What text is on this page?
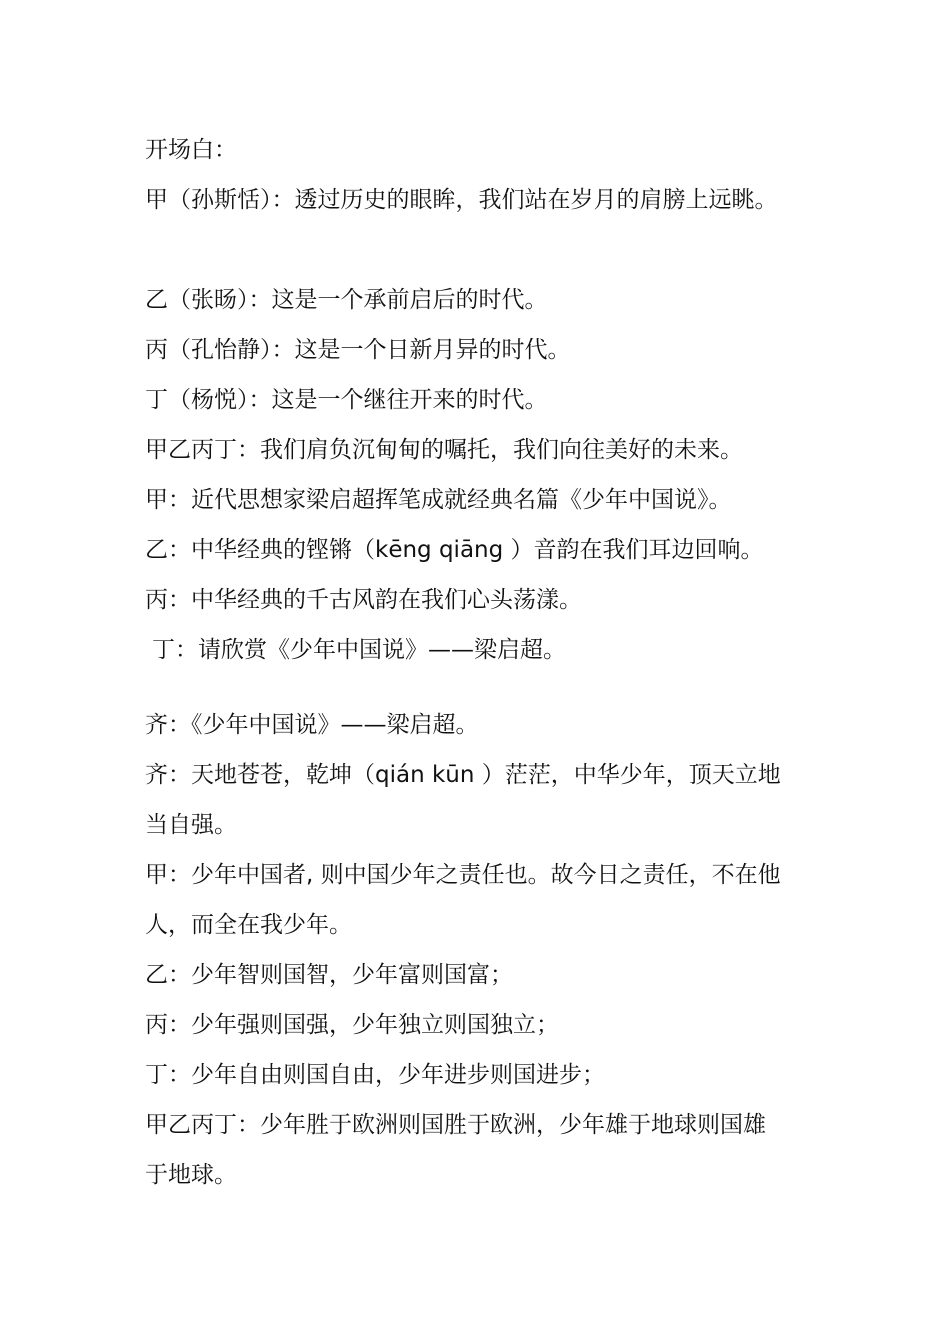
开场白：
甲（孙斯恬）：透过历史的眼眸，我们站在岁月的肩膀上远眺。
乙（张旸）：这是一个承前启后的时代。
丙（孔怡静）：这是一个日新月异的时代。
丁（杨悦）：这是一个继往开来的时代。
甲乙丙丁：我们肩负沉甸甸的嘱托，我们向往美好的未来。
甲：近代思想家梁启超挥笔成就经典名篇《少年中国说》。
乙：中华经典的铿锵（kēng qiāng ）音韵在我们耳边回响。
丙：中华经典的千古风韵在我们心头荡漾。
丁：请欣赏《少年中国说》——梁启超。
齐：《少年中国说》——梁启超。
齐：天地苍苍，乾坤（qián kūn ）茫茫，中华少年，顶天立地
当自强。
甲：少年中国者, 则中国少年之责任也。故今日之责任，不在他
人，而全在我少年。
乙：少年智则国智，少年富则国富；
丙：少年强则国强，少年独立则国独立；
丁：少年自由则国自由，少年进步则国进步；
甲乙丙丁：少年胜于欧洲则国胜于欧洲，少年雄于地球则国雄
于地球。
